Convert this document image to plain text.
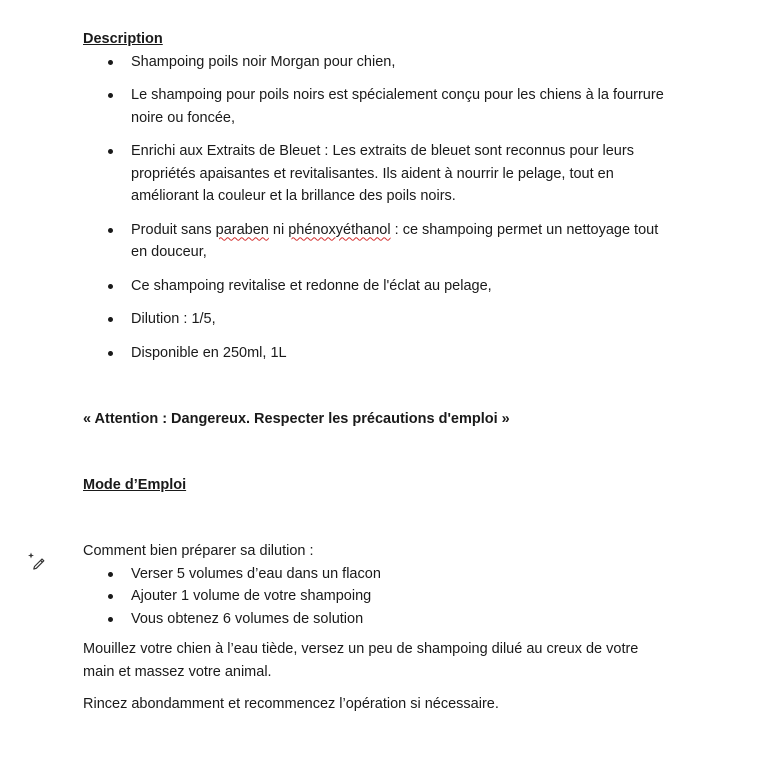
Description

Shampoing poils noir Morgan pour chien,
Le shampoing pour poils noirs est spécialement conçu pour les chiens à la fourrure noire ou foncée,
Enrichi aux Extraits de Bleuet : Les extraits de bleuet sont reconnus pour leurs propriétés apaisantes et revitalisantes. Ils aident à nourrir le pelage, tout en améliorant la couleur et la brillance des poils noirs.
Produit sans paraben ni phénoxyéthanol : ce shampoing permet un nettoyage tout en douceur,
Ce shampoing revitalise et redonne de l'éclat au pelage,
Dilution : 1/5,
Disponible en 250ml, 1L

« Attention : Dangereux. Respecter les précautions d'emploi »

Mode d’Emploi

Comment bien préparer sa dilution :

Verser 5 volumes d’eau dans un flacon
Ajouter 1 volume de votre shampoing
Vous obtenez 6 volumes de solution

Mouillez votre chien à l’eau tiède, versez un peu de shampoing dilué au creux de votre main et massez votre animal.

Rincez abondamment et recommencez l’opération si nécessaire.
